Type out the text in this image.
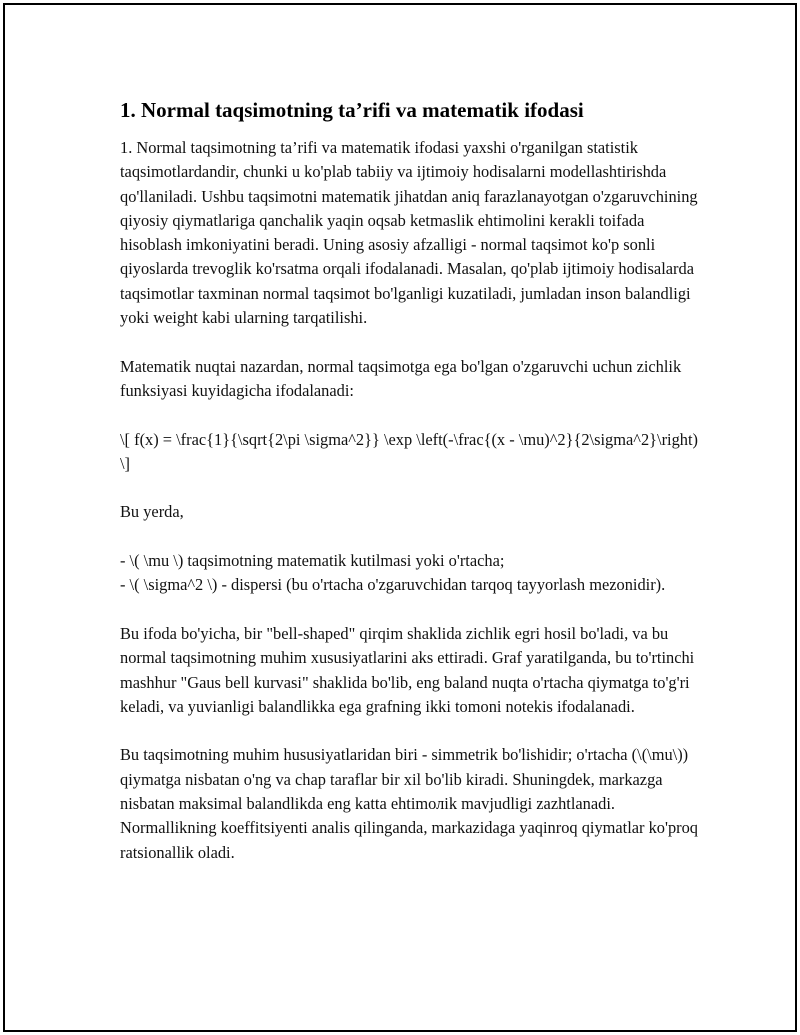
1. Normal taqsimotning ta’rifi va matematik ifodasi

1. Normal taqsimotning ta’rifi va matematik ifodasi yaxshi o'rganilgan statistik taqsimotlardandir, chunki u ko'plab tabiiy va ijtimoiy hodisalarni modellashtirishda qo'llaniladi. Ushbu taqsimotni matematik jihatdan aniq farazlanayotgan o'zgaruvchining qiyosiy qiymatlariga qanchalik yaqin oqsab ketmaslik ehtimolini kerakli toifada hisoblash imkoniyatini beradi. Uning asosiy afzalligi - normal taqsimot ko'p sonli qiyoslarda trevoglik ko'rsatma orqali ifodalanadi. Masalan, qo'plab ijtimoiy hodisalarda taqsimotlar taxminan normal taqsimot bo'lganligi kuzatiladi, jumladan inson balandligi yoki weight kabi ularning tarqatilishi.

Matematik nuqtai nazardan, normal taqsimotga ega bo'lgan o'zgaruvchi uchun zichlik funksiyasi kuyidagicha ifodalanadi:

\[ f(x) = \frac{1}{\sqrt{2\pi \sigma^2}} \exp \left(-\frac{(x - \mu)^2}{2\sigma^2}\right) \]

Bu yerda,

- \( \mu \) taqsimotning matematik kutilmasi yoki o'rtacha;
- \( \sigma^2 \) - dispersi (bu o'rtacha o'zgaruvchidan tarqoq tayyorlash mezonidir).

Bu ifoda bo'yicha, bir "bell-shaped" qirqim shaklida zichlik egri hosil bo'ladi, va bu normal taqsimotning muhim xususiyatlarini aks ettiradi. Graf yaratilganda, bu to'rtinchi mashhur "Gaus bell kurvasi" shaklida bo'lib, eng baland nuqta o'rtacha qiymatga to'g'ri keladi, va yuvianligi balandlikka ega grafning ikki tomoni notekis ifodalanadi.

Bu taqsimotning muhim hususiyatlaridan biri - simmetrik bo'lishidir; o'rtacha (\(\mu\)) qiymatga nisbatan o'ng va chap taraflar bir xil bo'lib kiradi. Shuningdek, markazga nisbatan maksimal balandlikda eng katta ehtimолik mavjudligi zazhtlanadi. Normallikning koeffitsiyenti analis qilinganda, markazidaga yaqinroq qiymatlar ko'proq ratsionallik oladi.
